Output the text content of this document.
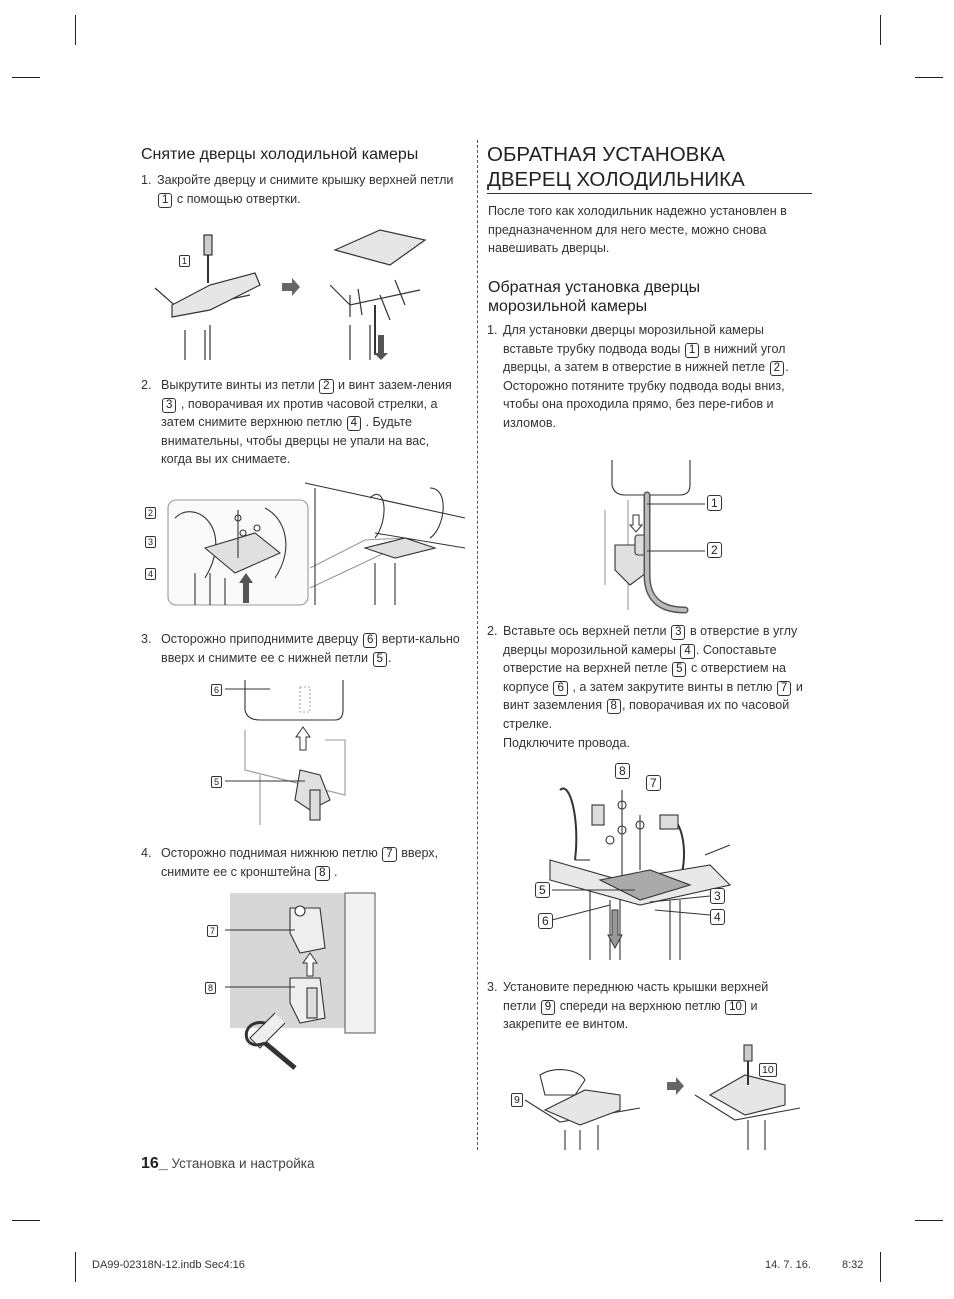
Снятие дверцы холодильной камеры
1. Закройте дверцу и снимите крышку верхней петли 1 с помощью отвертки.
1
2. Выкрутите винты из петли 2 и винт зазем-ления 3 , поворачивая их против часовой стрелки, а затем снимите верхнюю петлю 4 . Будьте внимательны, чтобы дверцы не упали на вас, когда вы их снимаете.
2
3
4
3. Осторожно приподнимите дверцу 6 верти-кально вверх и снимите ее с нижней петли 5 .
6
5
4. Осторожно поднимая нижнюю петлю 7 вверх, снимите ее с кронштейна 8 .
7
8
ОБРАТНАЯ УСТАНОВКА ДВЕРЕЦ ХОЛОДИЛЬНИКА
После того как холодильник надежно установлен в предназначенном для него месте, можно снова навешивать дверцы.
Обратная установка дверцы морозильной камеры
1. Для установки дверцы морозильной камеры вставьте трубку подвода воды 1 в нижний угол дверцы, а затем в отверстие в нижней петле 2 .
Осторожно потяните трубку подвода воды вниз, чтобы она проходила прямо, без пере-гибов и изломов.
1
2
2. Вставьте ось верхней петли 3 в отверстие в углу дверцы морозильной камеры 4 . Сопоставьте отверстие на верхней петле 5 с отверстием на корпусе 6 , а затем закрутите винты в петлю 7 и винт заземления 8 , поворачивая их по часовой стрелке.
Подключите провода.
8
7
5
6
3
4
3. Установите переднюю часть крышки верхней петли 9 спереди на верхнюю петлю 10 и закрепите ее винтом.
9
10
16_ Установка и настройка
DA99-02318N-12.indb Sec4:16	14. 7. 16.	8:32
